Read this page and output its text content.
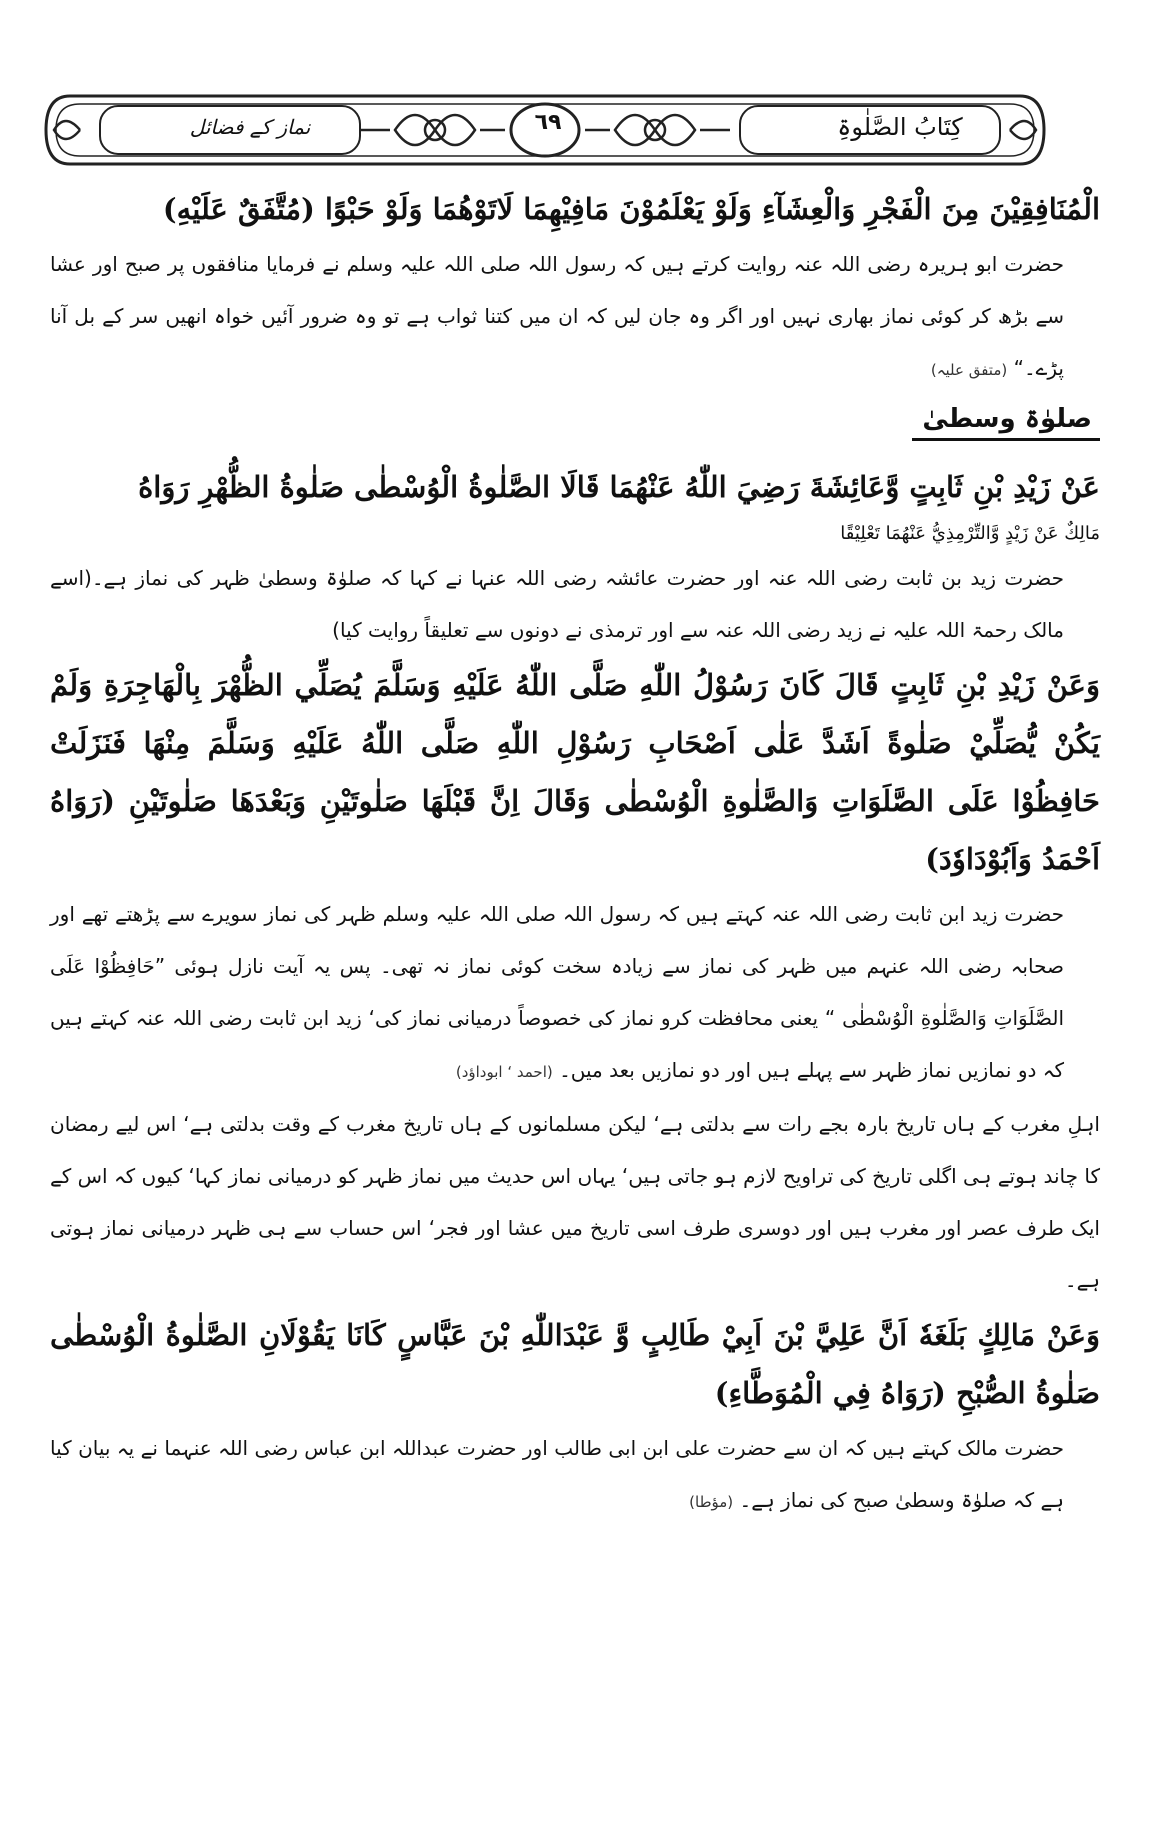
کِتَابُ الصَّلٰوۃِ
٦٩
نماز کے فضائل

الْمُنَافِقِيْنَ مِنَ الْفَجْرِ وَالْعِشَآءِ وَلَوْ يَعْلَمُوْنَ مَافِيْهِمَا لَاتَوْهُمَا وَلَوْ حَبْوًا (مُتَّفَقٌ عَلَيْهِ)

حضرت ابو ہریرہ رضی اللہ عنہ روایت کرتے ہیں کہ رسول اللہ صلی اللہ علیہ وسلم نے فرمایا منافقوں پر صبح اور عشا سے بڑھ کر کوئی نماز بھاری نہیں اور اگر وہ جان لیں کہ ان میں کتنا ثواب ہے تو وہ ضرور آئیں خواہ انھیں سر کے بل آنا پڑے۔“ (متفق علیہ)

صلوٰۃ وسطیٰ

عَنْ زَيْدِ بْنِ ثَابِتٍ وَّعَائِشَةَ رَضِيَ اللّٰهُ عَنْهُمَا قَالَا الصَّلٰوةُ الْوُسْطٰى صَلٰوةُ الظُّهْرِ رَوَاهُ

مَالِكٌ عَنْ زَيْدٍ وَّالتِّرْمِذِيُّ عَنْهُمَا تَعْلِيْقًا

حضرت زید بن ثابت رضی اللہ عنہ اور حضرت عائشہ رضی اللہ عنہا نے کہا کہ صلوٰۃ وسطیٰ ظہر کی نماز ہے۔(اسے مالک رحمۃ اللہ علیہ نے زید رضی اللہ عنہ سے اور ترمذی نے دونوں سے تعلیقاً روایت کیا)

وَعَنْ زَيْدِ بْنِ ثَابِتٍ قَالَ كَانَ رَسُوْلُ اللّٰهِ صَلَّى اللّٰهُ عَلَيْهِ وَسَلَّمَ يُصَلِّي الظُّهْرَ بِالْهَاجِرَةِ وَلَمْ يَكُنْ يُّصَلِّيْ صَلٰوةً اَشَدَّ عَلٰى اَصْحَابِ رَسُوْلِ اللّٰهِ صَلَّى اللّٰهُ عَلَيْهِ وَسَلَّمَ مِنْهَا فَنَزَلَتْ حَافِظُوْا عَلَى الصَّلَوَاتِ وَالصَّلٰوةِ الْوُسْطٰى وَقَالَ اِنَّ قَبْلَهَا صَلٰوتَيْنِ وَبَعْدَهَا صَلٰوتَيْنِ (رَوَاهُ اَحْمَدُ وَاَبُوْدَاوٗدَ)

حضرت زید ابن ثابت رضی اللہ عنہ کہتے ہیں کہ رسول اللہ صلی اللہ علیہ وسلم ظہر کی نماز سویرے سے پڑھتے تھے اور صحابہ رضی اللہ عنہم میں ظہر کی نماز سے زیادہ سخت کوئی نماز نہ تھی۔ پس یہ آیت نازل ہوئی ”حَافِظُوْا عَلَى الصَّلَوَاتِ وَالصَّلٰوةِ الْوُسْطٰى “ یعنی محافظت کرو نماز کی خصوصاً درمیانی نماز کی‘ زید ابن ثابت رضی اللہ عنہ کہتے ہیں کہ دو نمازیں نماز ظہر سے پہلے ہیں اور دو نمازیں بعد میں۔ (احمد ‘ ابوداؤد)

اہلِ مغرب کے ہاں تاریخ بارہ بجے رات سے بدلتی ہے‘ لیکن مسلمانوں کے ہاں تاریخ مغرب کے وقت بدلتی ہے‘ اس لیے رمضان کا چاند ہوتے ہی اگلی تاریخ کی تراویح لازم ہو جاتی ہیں‘ یہاں اس حدیث میں نماز ظہر کو درمیانی نماز کہا‘ کیوں کہ اس کے ایک طرف عصر اور مغرب ہیں اور دوسری طرف اسی تاریخ میں عشا اور فجر‘ اس حساب سے ہی ظہر درمیانی نماز ہوتی ہے۔

وَعَنْ مَالِكٍ بَلَغَهٗ اَنَّ عَلِيَّ بْنَ اَبِيْ طَالِبٍ وَّ عَبْدَاللّٰهِ بْنَ عَبَّاسٍ كَانَا يَقُوْلَانِ الصَّلٰوةُ الْوُسْطٰى صَلٰوةُ الصُّبْحِ (رَوَاهُ فِي الْمُوَطَّاءِ)

حضرت مالک کہتے ہیں کہ ان سے حضرت علی ابن ابی طالب اور حضرت عبداللہ ابن عباس رضی اللہ عنہما نے یہ بیان کیا ہے کہ صلوٰۃ وسطیٰ صبح کی نماز ہے۔ (مؤطا)
